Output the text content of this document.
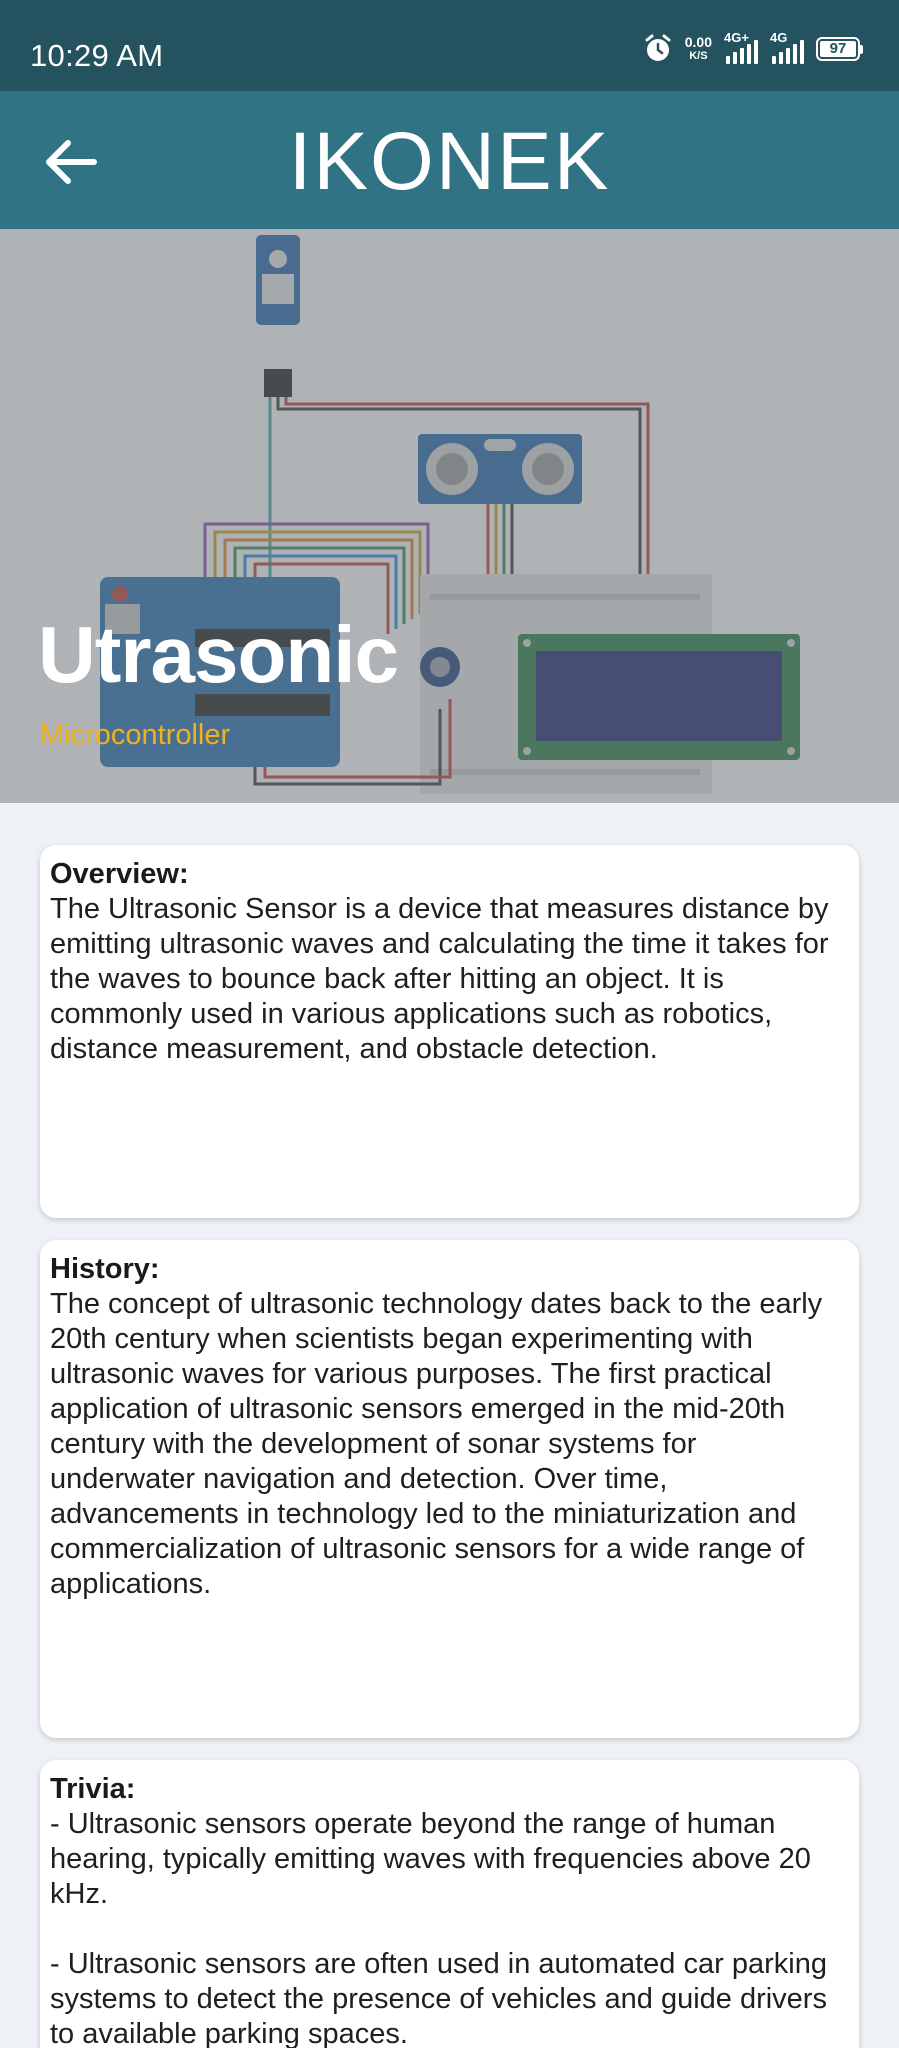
10:29 AM	0.00
K/S
4G+ 4G
97
IKONEK
Utrasonic
Microcontroller
Overview:
The Ultrasonic Sensor is a device that measures distance by emitting ultrasonic waves and calculating the time it takes for the waves to bounce back after hitting an object. It is commonly used in various applications such as robotics, distance measurement, and obstacle detection.
History:
The concept of ultrasonic technology dates back to the early 20th century when scientists began experimenting with ultrasonic waves for various purposes. The first practical application of ultrasonic sensors emerged in the mid-20th century with the development of sonar systems for underwater navigation and detection. Over time, advancements in technology led to the miniaturization and commercialization of ultrasonic sensors for a wide range of applications.
Trivia:
- Ultrasonic sensors operate beyond the range of human hearing, typically emitting waves with frequencies above 20 kHz.

- Ultrasonic sensors are often used in automated car parking systems to detect the presence of vehicles and guide drivers to available parking spaces.
